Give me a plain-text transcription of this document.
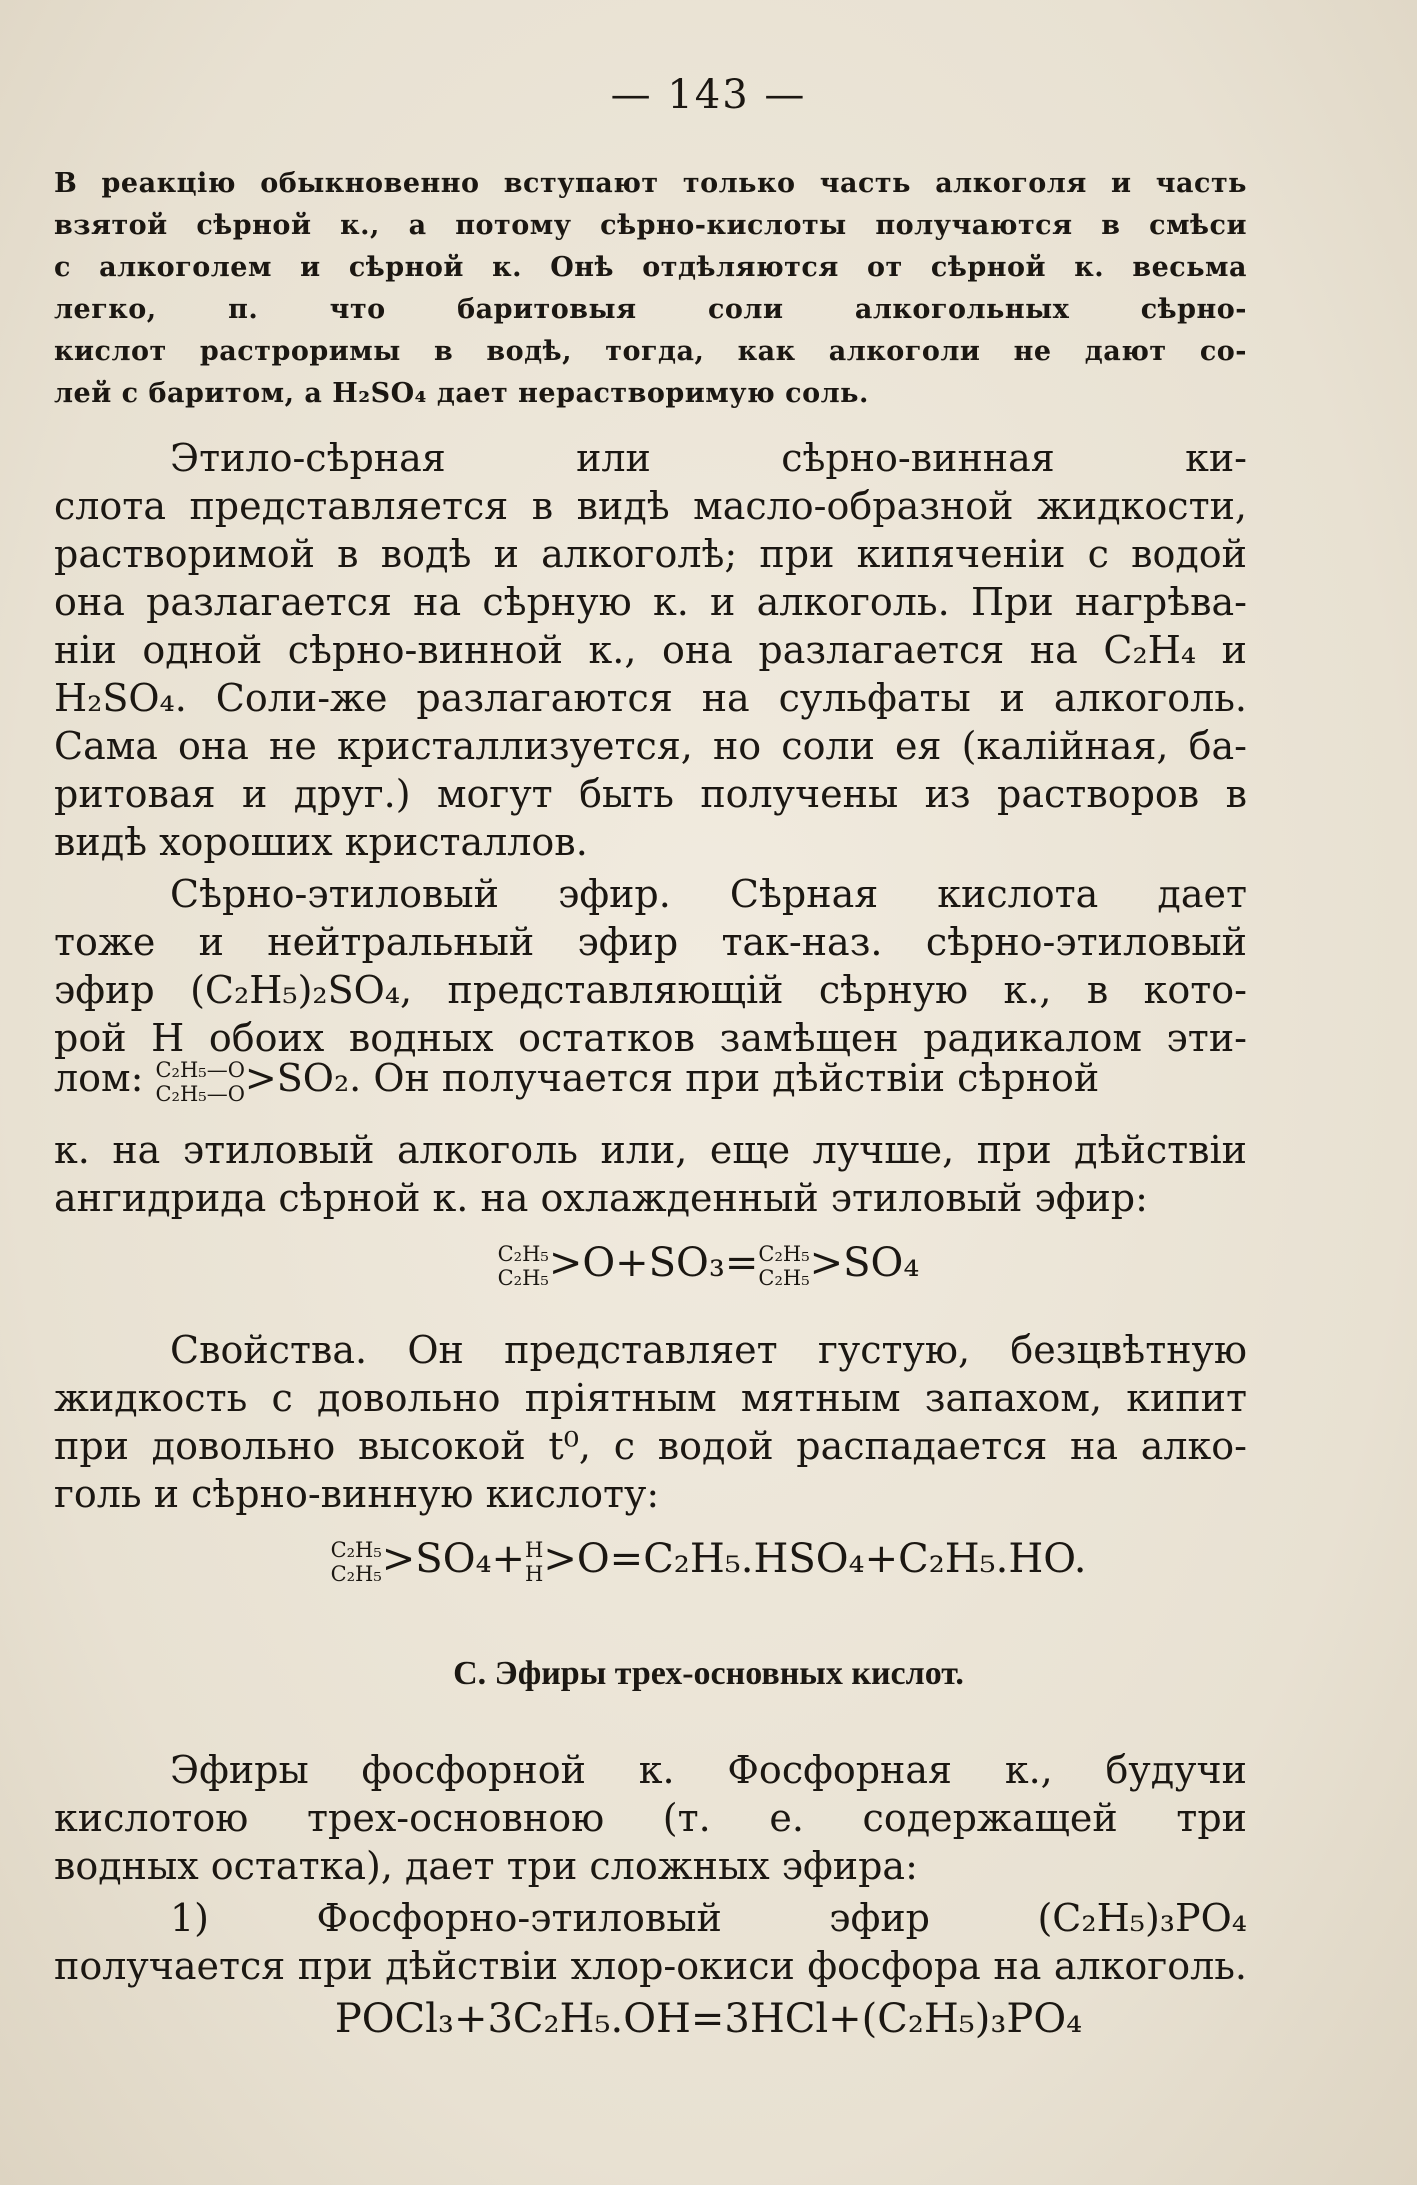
— 143 —
В реакцію обыкновенно вступают только часть алкоголя и часть
взятой сѣрной к., а потому сѣрно-кислоты получаются в смѣси
с алкоголем и сѣрной к. Онѣ отдѣляются от сѣрной к. весьма
легко, п. что баритовыя соли алкогольных сѣрно-
кислот растроримы в водѣ, тогда, как алкоголи не дают со-
лей с баритом, а H₂SO₄ дает нерастворимую соль.
Этило-сѣрная или сѣрно-винная ки-
слота представляется в видѣ масло-образной жидкости,
растворимой в водѣ и алкоголѣ; при кипяченіи с водой
она разлагается на сѣрную к. и алкоголь. При нагрѣва-
ніи одной сѣрно-винной к., она разлагается на C₂H₄ и
H₂SO₄. Соли-же разлагаются на сульфаты и алкоголь.
Сама она не кристаллизуется, но соли ея (калійная, ба-
ритовая и друг.) могут быть получены из растворов в
видѣ хороших кристаллов.
Сѣрно-этиловый эфир. Сѣрная кислота дает
тоже и нейтральный эфир так-наз. сѣрно-этиловый
эфир (C₂H₅)₂SO₄, представляющій сѣрную к., в кото-
рой H обоих водных остатков замѣщен радикалом эти-
лом: C₂H₅—O
C₂H₅—O >SO₂. Он получается при дѣйствіи сѣрной
к. на этиловый алкоголь или, еще лучше, при дѣйствіи
ангидрида сѣрной к. на охлажденный этиловый эфир:
C₂H₅
C₂H₅ >O+SO₃= C₂H₅
C₂H₅ >SO₄
Свойства. Он представляет густую, безцвѣтную
жидкость с довольно пріятным мятным запахом, кипит
при довольно высокой t⁰, с водой распадается на алко-
голь и сѣрно-винную кислоту:
C₂H₅
C₂H₅ >SO₄+ H
H >O=C₂H₅.HSO₄+C₂H₅.HO.
С. Эфиры трех-основных кислот.
Эфиры фосфорной к. Фосфорная к., будучи
кислотою трех-основною (т. е. содержащей три
водных остатка), дает три сложных эфира:
1) Фосфорно-этиловый эфир (C₂H₅)₃PO₄
получается при дѣйствіи хлор-окиси фосфора на алкоголь.
POCl₃+3C₂H₅.OH=3HCl+(C₂H₅)₃PO₄
